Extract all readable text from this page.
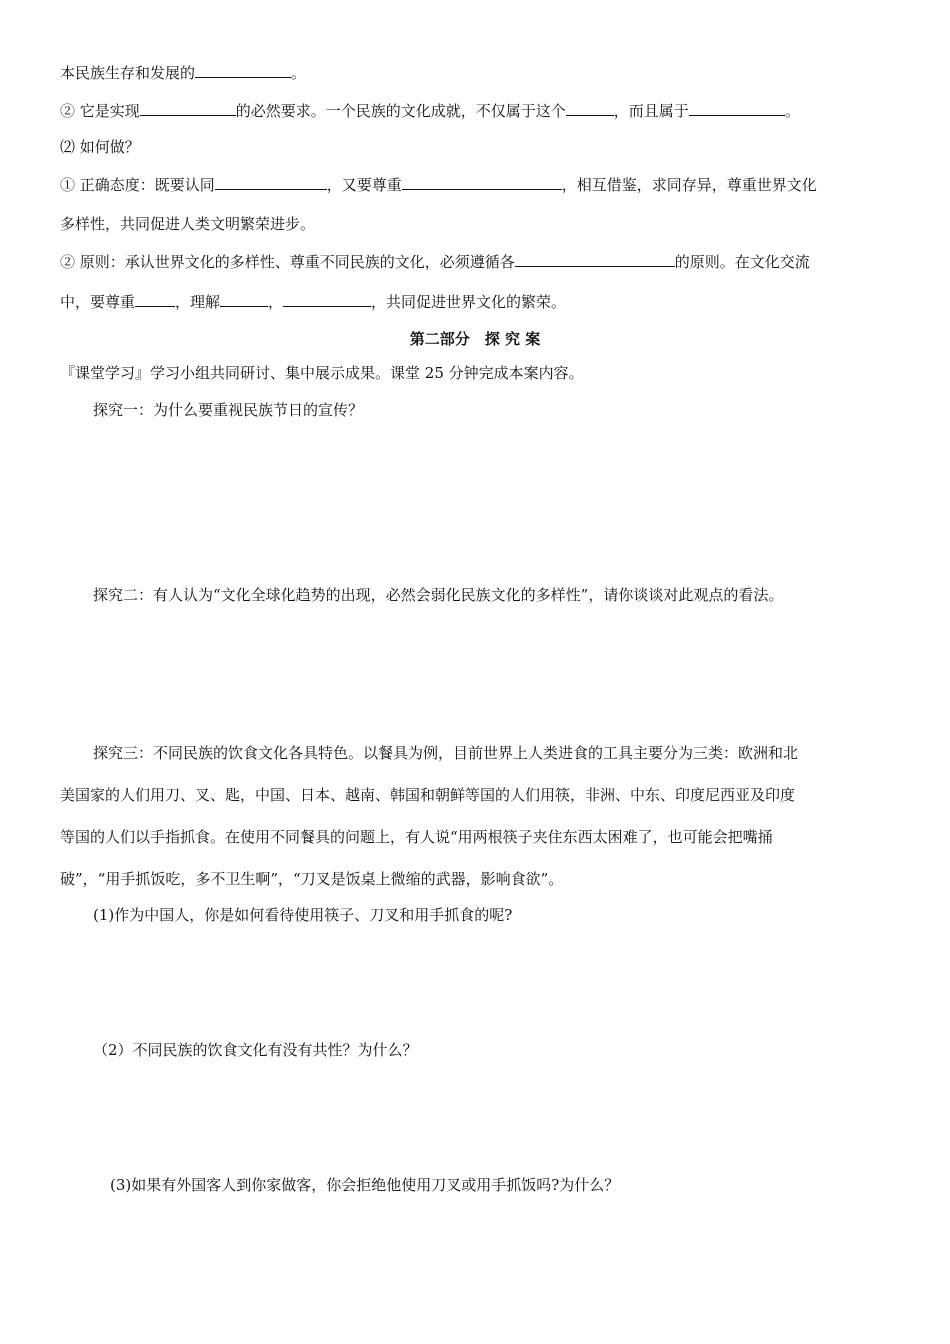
本民族生存和发展的	。
② 它是实现	的必然要求。一个民族的文化成就，不仅属于这个	，而且属于	。
⑵ 如何做？
① 正确态度：既要认同	，又要尊重	，相互借鉴，求同存异，尊重世界文化
多样性，共同促进人类文明繁荣进步。
② 原则：承认世界文化的多样性、尊重不同民族的文化，必须遵循各	的原则。在文化交流
中，要尊重	，理解	，	，共同促进世界文化的繁荣。
第二部分　探 究 案
『课堂学习』学习小组共同研讨、集中展示成果。课堂 25 分钟完成本案内容。
探究一：为什么要重视民族节日的宣传？
探究二：有人认为“文化全球化趋势的出现，必然会弱化民族文化的多样性”，请你谈谈对此观点的看法。
探究三：不同民族的饮食文化各具特色。以餐具为例，目前世界上人类进食的工具主要分为三类：欧洲和北
美国家的人们用刀、叉、匙，中国、日本、越南、韩国和朝鲜等国的人们用筷，非洲、中东、印度尼西亚及印度
等国的人们以手指抓食。在使用不同餐具的问题上，有人说“用两根筷子夹住东西太困难了，也可能会把嘴捅
破”，“用手抓饭吃，多不卫生啊”，“刀叉是饭桌上微缩的武器，影响食欲”。
(1)作为中国人，你是如何看待使用筷子、刀叉和用手抓食的呢?
（2）不同民族的饮食文化有没有共性？为什么？
(3)如果有外国客人到你家做客，你会拒绝他使用刀叉或用手抓饭吗?为什么？
